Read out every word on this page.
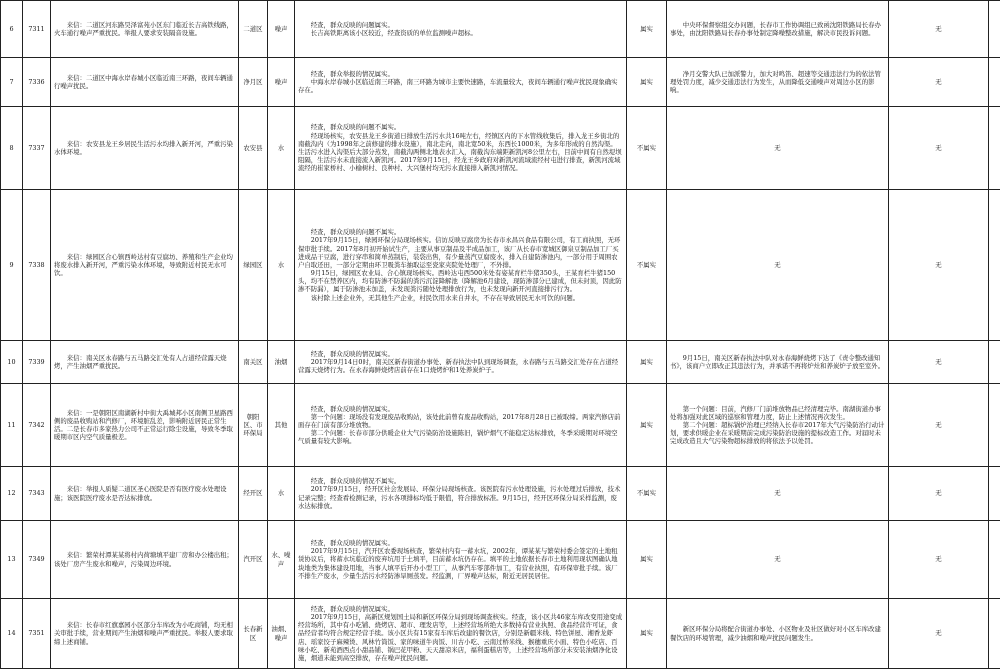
6	7311	　　来信：二道区河东路昊泽富苑小区东门临近长吉高铁线路，火车通行噪声严重扰民。举报人要求安装隔音设施。	二道区	噪声	　　经查，群众反映的问题属实。
　　长吉高铁距离该小区较近，经查资质的单位监测噪声超标。	属实	　　中央环保督察组交办问题，长春市工作协调组已致函沈阳铁路局长春办事处，由沈阳铁路局长春办事处制定降噪整改措施，解决市民投诉问题。	无	
7	7336	　　来信：二道区中海水岸春城小区临近南三环路，夜间车辆通行噪声扰民。	净月区	噪声	　　经查，群众举报的情况属实。
　　中海水岸春城小区临近南三环路，南三环路为城市主要快速路，车流量较大，夜间车辆通行噪声扰民现象确实存在。	属实	　　净月交警大队已加派警力，加大对鸣笛、超速等交通违法行为的依法管理处罚力度，减少交通违法行为发生，从而降低交通噪声对周边小区的影响。	无	
8	7337	　　来信：农安县龙王乡居民生活污水均排入新开河，严重污染水体环境。	农安县	水	　　经查，群众反映的问题不属实。
　　经现场核实，农安县龙王乡街道日排放生活污水共16吨左右，经镇区内的下水管线收集后，排入龙王乡街北的南截沟内（为1998年之前修建的排水设施），南北走向，南北宽50米，东西长1000米，为多年形成的自然沟渠。生活污水进入沟渠后大部分蒸发，南截沟两侧北地表水汇入，南截沟东端距新凯河8公里左右，目前中间有自然堤坝阻隔，生活污水未直接流入新凯河。2017年9月15日，经龙王乡政府对新凯河流域流经村屯进行排查，新凯河流域流经的崔家桥村、小榆树村、良种村、大兴堡村均无污水直接排入新凯河情况。	不属实	无	无	
9	7338	　　来信：绿园区合心镇西岭达村有豆腐坊、养殖和生产企业均将废水排入新开河，严重污染水体环境，导致附近村民无水可饮。	绿园区	水	　　经查，群众反映的问题不属实。
　　2017年9月15日，绿园环保分局现场核实。信访反映豆腐房为长春市永昌兴食品有限公司，有工商执照，无环保审批手续。2017年8月初开始试生产，主要从事豆制品及半成品加工，该厂从长春市宽城区御泉豆制品加工厂买进成品干豆腐，进行穿串和简单蒸制后，装袋出售，有少量蒸汽豆腐废水，排入自建防渗池内，一部分用于周围农户自取还田，一部分定期由环卫吸粪车抽取运至瓷家夹院处处理厂，不外排。
　　9月15日，绿园区农业局、合心镇现场核实。西岭达屯西500米处有姿某育栏牛猪350头，王某育栏牛猪150头，均不在禁养区内，均有防渗不防漏的粪污沉淀降解池（降解池6月建设，现防渗部分已建成，但未封顶，因此防渗不防漏），属于防渗池未加盖，未发现粪污随处处理排放行为，也未发现向新开河直接排污行为。
　　该村除上述企业外，无其他生产企业，村民饮用水来自井水，不存在导致居民无水可饮的问题。	不属实	无	无	
10	7339	　　来信：南关区永春路与五马路交汇处有人占道经营露天烧烤，产生油烟严重扰民。	南关区	油烟	　　经查，群众反映的情况属实。
　　2017年9月14日0时，南关区新春街道办事处、新春执法中队到现场调查，永春路与五马路交汇处存在占道经营露天烧烤行为。在永春海鲜烧烤店前存在1口烧烤炉和1处养炭炉子。	属实	　　9月15日，南关区新春执法中队对永春海鲜烧烤下达了《责令整改通知书》，该商户立即改正其违法行为，并承诺不再将炉灶和养炭炉子放至室外。	无	
11	7342	　　来信：一是朝阳区南湖新村中街大禹城邦小区南侧卫星路西侧的废品收购站和汽修厂，环境脏乱差，影响附近居民正常生活。二是长春市多家热力公司不正常运行除尘设施，导致冬季取暖期市区内空气质量极差。	朝阳区、市环保局	其他	　　经查，群众反映的情况属实。
　　第一个问题：现场没有发现废品收购站，该处此前曾有废品收购站，2017年8月28日已被取缔。两家汽修店前面存在门前有部分堆放物。
　　第二个问题：长春市部分供暖企业大气污染防治设施陈旧，锅炉烟气不能稳定达标排放，冬季采暖期对环境空气质量有较大影响。	属实	　　第一个问题：目前，汽修厂门前堆放物品已经清理完毕。南湖街道办事处将加强对此区域的巡察和管理力度，防止上述情况再次发生。
　　第二个问题：超标锅炉治理已经纳入长春市2017年大气污染防治行动计划，要求供暖企业在采暖期前完成污染防治设施的提标改造工作。对届时未完成改造且大气污染物超标排放的将依法予以处罚。	无	
12	7343	　　来信：举报人质疑二道区圣心医院是否有医疗废水处理设施；该医院医疗废水是否达标排放。	经开区	水	　　经查，群众反映的情况不属实。
　　2017年9月15日，经开区社会发展局、环保分局现场核查。该医院有污水处理设施，污水处理过后排放，技术记录完整；经查看检测记录，污水各项排标均低于限值，符合排放标准。9月15日，经开区环保分局采样监测，废水达标排放。	不属实	无	无	
13	7349	　　来信：繁荣村潭某某将村内荷塘填平建厂房和办公楼出租；该处厂房产生废水和噪声，污染周边环境。	汽开区	水、噪声	　　经查，群众反映的情况属实。
　　2017年9月15日，汽开区农委现场核查，繁荣村内有一蓄水坑，2002年，谭某某与繁荣村委会签定的土地租赁协议后，将蓄水坑临近的废弃坑用于土填平，目前蓄水坑仍存在。填平的土地依据长春市土地利用现状图确认地块地类为集体建设用地，当事人填平后开办小型工厂，从事汽车零部件加工，有营业执照，有环保审批手续。该厂不排生产废水，少量生活污水经防渗旱厕蒸发。经监测，厂界噪声达标，附近无居民居住。	属实	无	无	
14	7351	　　来信：长春市红旗嘉园小区部分车库改为小吃商铺，均无相关审批手续，营业期间产生油烟和噪声严重扰民。举报人要求取缔上述商铺。	长春新区	油烟、噪声	　　经查，群众反映的情况属实。
　　2017年9月15日，高新区规划国土局和新区环保分局到现场调查核实。经查，该小区共46家车库改变用途变成经营场所，其中有小吃铺、烧烤店、超市、理发店等，上述经营场所绝大多数持有营业执照、食品经营许可证，食品经营者均符合规定经营手续。该小区共有15家有车库后改建的餐饮店，分别是新疆米线、特色饼屋、湘香龙虾店、瑶家饺子麻辣烫、风林竹筒饭、家的味道牛肉饭、川古小吃、云南过桥米线、猴穗重庆小面、特色小吃店、百味小吃、新苑酒西点小甜品铺、锅巴花甲粉、天天甜凉米店，福利蛋糕店等，上述经营场所部分未安装油烟净化设施，烟道未能到高空排放，存在噪声扰民问题。	属实	　　新区环保分局将配合街道办事处、小区物业及社区做好对小区车库改建餐饮店的环境管理，减少油烟和噪声扰民问题发生。	无	
